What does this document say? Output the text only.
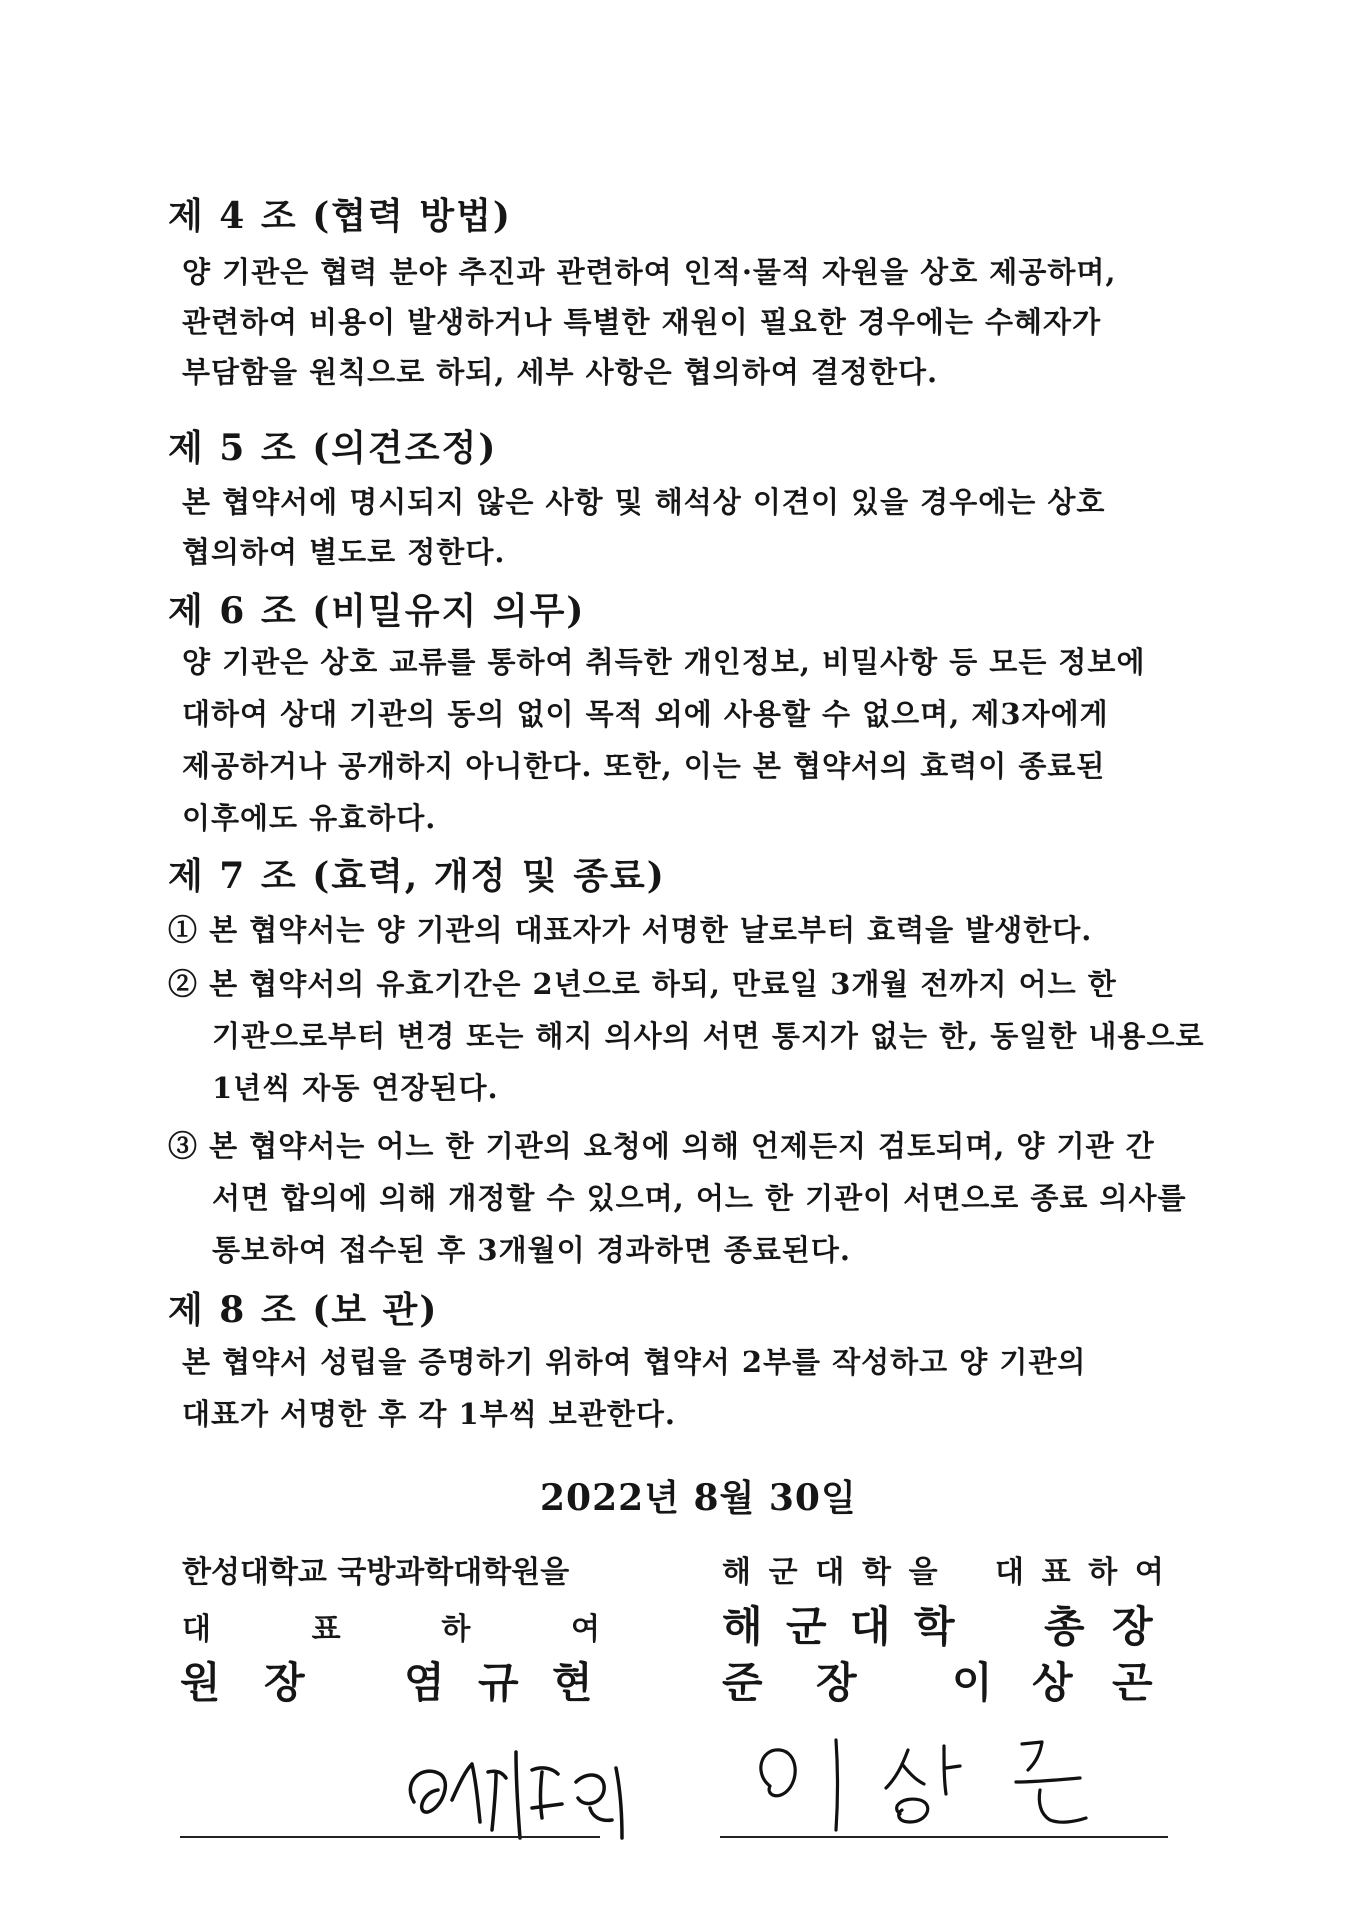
제 4 조 (협력 방법)
양 기관은 협력 분야 추진과 관련하여 인적·물적 자원을 상호 제공하며,
관련하여 비용이 발생하거나 특별한 재원이 필요한 경우에는 수혜자가
부담함을 원칙으로 하되, 세부 사항은 협의하여 결정한다.
제 5 조 (의견조정)
본 협약서에 명시되지 않은 사항 및 해석상 이견이 있을 경우에는 상호
협의하여 별도로 정한다.
제 6 조 (비밀유지 의무)
양 기관은 상호 교류를 통하여 취득한 개인정보, 비밀사항 등 모든 정보에
대하여 상대 기관의 동의 없이 목적 외에 사용할 수 없으며, 제3자에게
제공하거나 공개하지 아니한다. 또한, 이는 본 협약서의 효력이 종료된
이후에도 유효하다.
제 7 조 (효력, 개정 및 종료)
① 본 협약서는 양 기관의 대표자가 서명한 날로부터 효력을 발생한다.
② 본 협약서의 유효기간은 2년으로 하되, 만료일 3개월 전까지 어느 한
기관으로부터 변경 또는 해지 의사의 서면 통지가 없는 한, 동일한 내용으로
1년씩 자동 연장된다.
③ 본 협약서는 어느 한 기관의 요청에 의해 언제든지 검토되며, 양 기관 간
서면 합의에 의해 개정할 수 있으며, 어느 한 기관이 서면으로 종료 의사를
통보하여 접수된 후 3개월이 경과하면 종료된다.
제 8 조 (보 관)
본 협약서 성립을 증명하기 위하여 협약서 2부를 작성하고 양 기관의
대표가 서명한 후 각 1부씩 보관한다.
2022년 8월 30일
한성대학교 국방과학대학원을
대	표	하	여
원 장 염 규 현
해 군 대 학 을 대 표 하 여
해 군 대 학 총 장
준 장 이 상 곤
